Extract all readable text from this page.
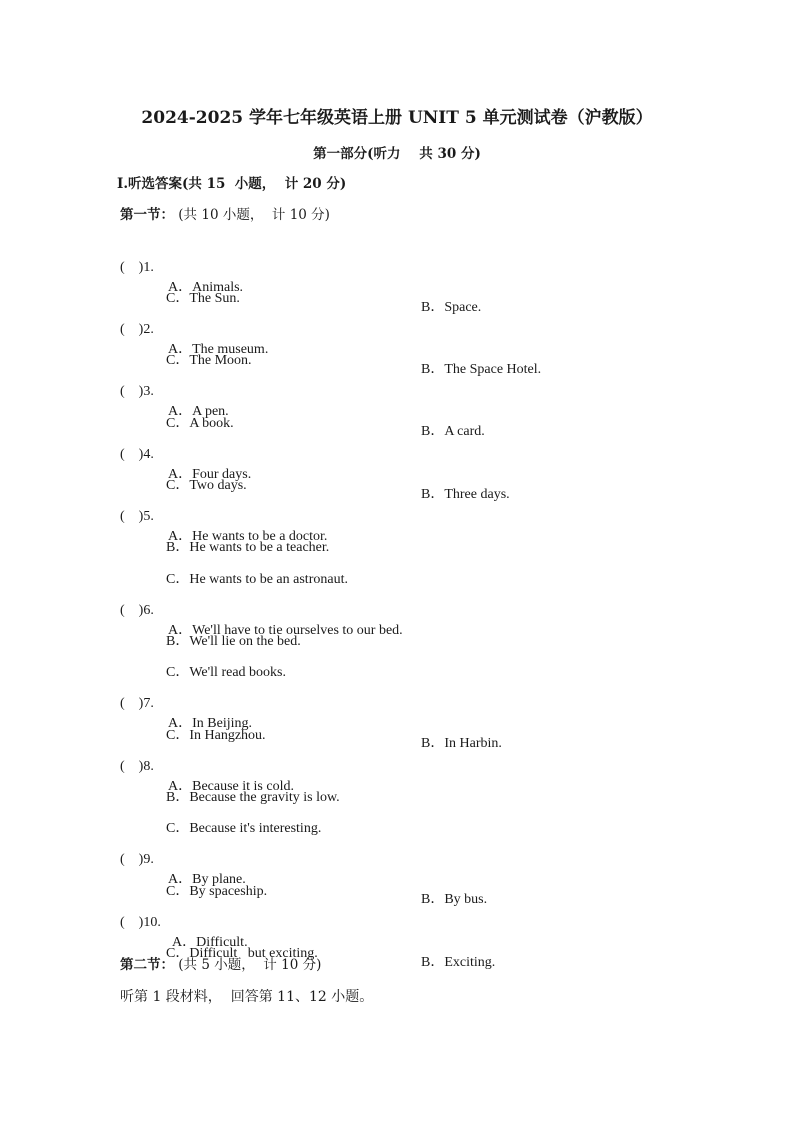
2024-2025 学年七年级英语上册 UNIT 5 单元测试卷（沪教版）
第一部分(听力    共 30 分)
Ⅰ.听选答案(共 15  小题，  计 20 分)
第一节： (共 10 小题，  计 10 分)

(    )1.

A．Animals.

B．Space.

C．The Sun.

(    )2.

A．The museum.

B．The Space Hotel.

C．The Moon.

(    )3.

A．A pen.

B．A card.

C．A book.

(    )4.

A．Four days.

B．Three days.

C．Two days.

(    )5.

A．He wants to be a doctor.

B．He wants to be a teacher.

C．He wants to be an astronaut.

(    )6.

A．We'll have to tie ourselves to our bed.

B．We'll lie on the bed.

C．We'll read books.

(    )7.

A．In Beijing.

B．In Harbin.

C．In Hangzhou.

(    )8.

A．Because it is cold.

B．Because the gravity is low.

C．Because it's interesting.

(    )9.

A．By plane.

B．By bus.

C．By spaceship.

(    )10.

A．Difficult.

B．Exciting.

C．Difficult   but exciting.

第二节： (共 5 小题，  计 10 分)
听第 1 段材料，  回答第 11、12 小题。
